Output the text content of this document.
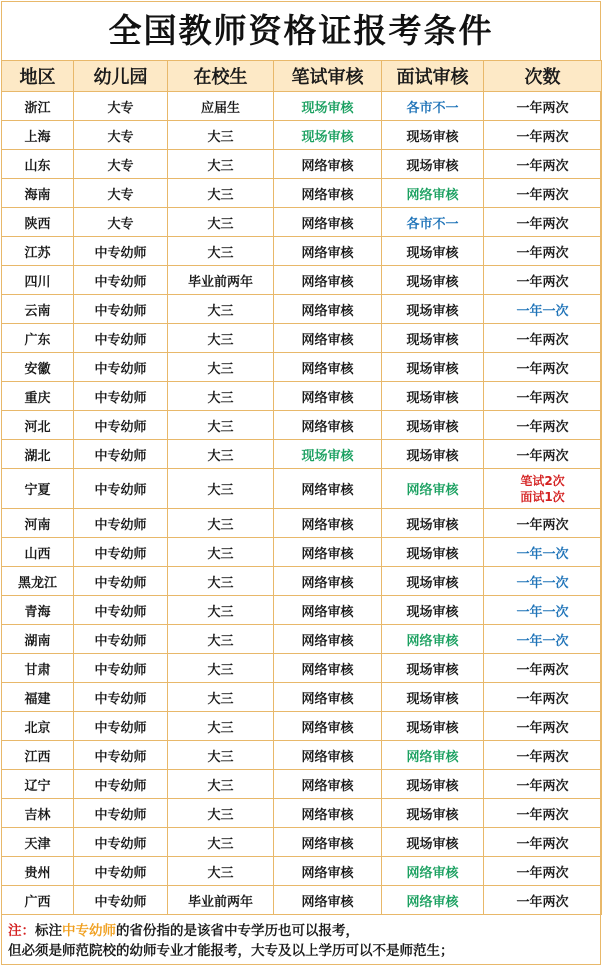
全国教师资格证报考条件
地区	幼儿园	在校生	笔试审核	面试审核	次数
浙江	大专	应届生	现场审核	各市不一	一年两次
上海	大专	大三	现场审核	现场审核	一年两次
山东	大专	大三	网络审核	现场审核	一年两次
海南	大专	大三	网络审核	网络审核	一年两次
陕西	大专	大三	网络审核	各市不一	一年两次
江苏	中专幼师	大三	网络审核	现场审核	一年两次
四川	中专幼师	毕业前两年	网络审核	现场审核	一年两次
云南	中专幼师	大三	网络审核	现场审核	一年一次
广东	中专幼师	大三	网络审核	现场审核	一年两次
安徽	中专幼师	大三	网络审核	现场审核	一年两次
重庆	中专幼师	大三	网络审核	现场审核	一年两次
河北	中专幼师	大三	网络审核	现场审核	一年两次
湖北	中专幼师	大三	现场审核	现场审核	一年两次
宁夏	中专幼师	大三	网络审核	网络审核	笔试2次
面试1次

河南	中专幼师	大三	网络审核	现场审核	一年两次
山西	中专幼师	大三	网络审核	现场审核	一年一次
黑龙江	中专幼师	大三	网络审核	现场审核	一年一次
青海	中专幼师	大三	网络审核	现场审核	一年一次
湖南	中专幼师	大三	网络审核	网络审核	一年一次
甘肃	中专幼师	大三	网络审核	现场审核	一年两次
福建	中专幼师	大三	网络审核	现场审核	一年两次
北京	中专幼师	大三	网络审核	现场审核	一年两次
江西	中专幼师	大三	网络审核	网络审核	一年两次
辽宁	中专幼师	大三	网络审核	现场审核	一年两次
吉林	中专幼师	大三	网络审核	现场审核	一年两次
天津	中专幼师	大三	网络审核	现场审核	一年两次
贵州	中专幼师	大三	网络审核	网络审核	一年两次
广西	中专幼师	毕业前两年	网络审核	网络审核	一年两次
注：标注中专幼师的省份指的是该省中专学历也可以报考，
但必须是师范院校的幼师专业才能报考，大专及以上学历可以不是师范生；
